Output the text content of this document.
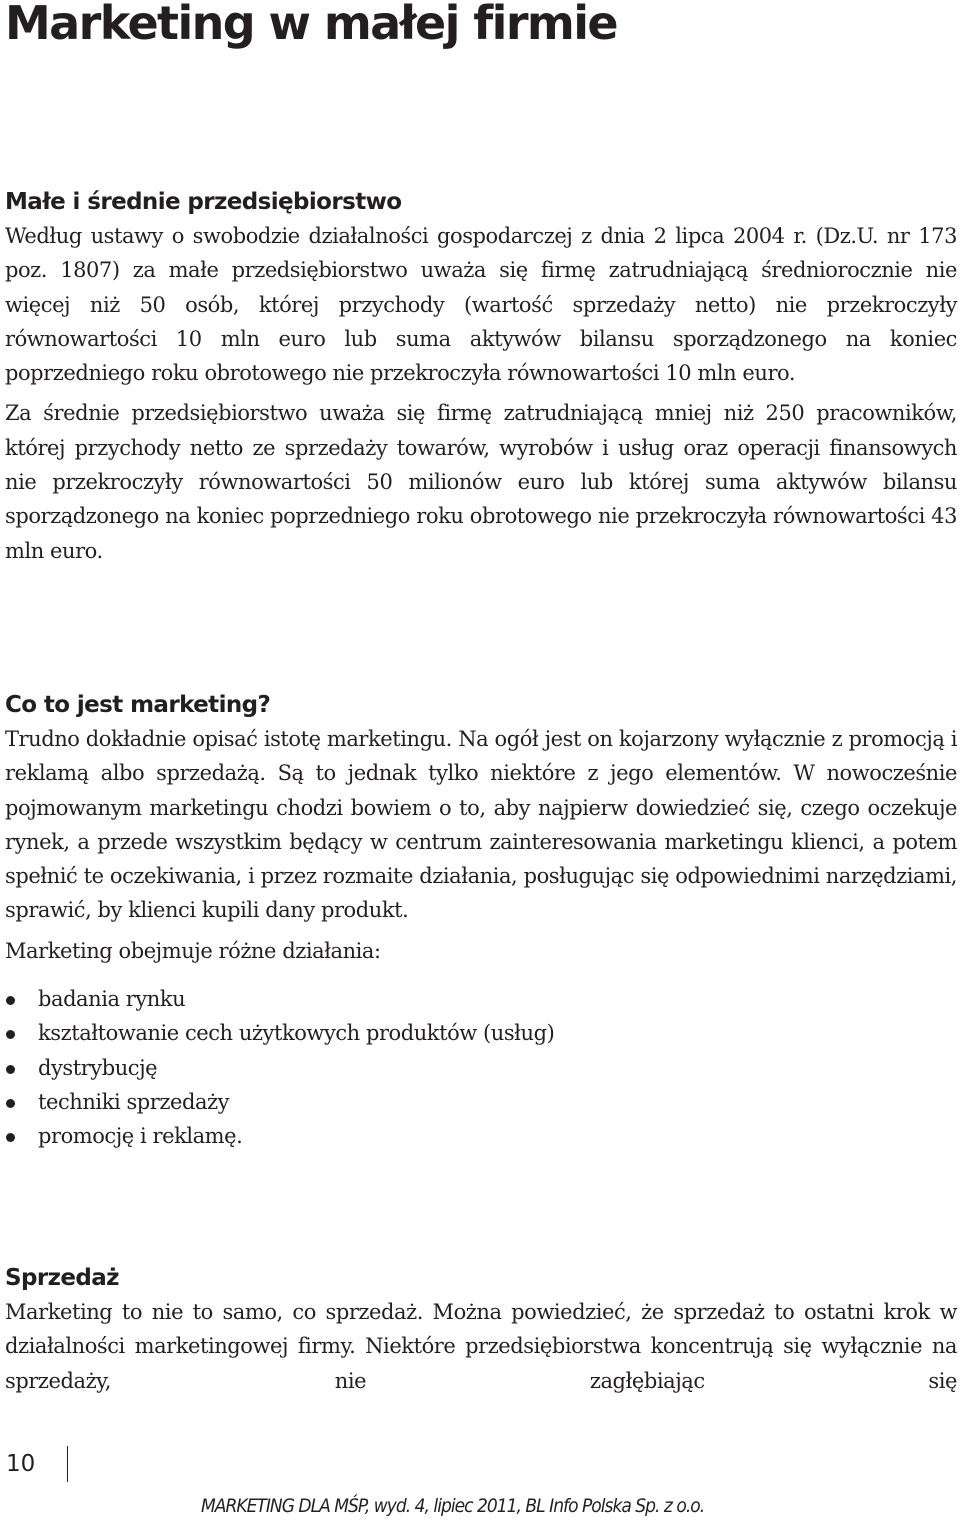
Marketing w małej firmie
Małe i średnie przedsiębiorstwo

Według ustawy o swobodzie działalności gospodarczej z dnia 2 lipca 2004 r. (Dz.U. nr 173 poz. 1807) za małe przedsiębiorstwo uważa się firmę zatrudniającą średniorocznie nie więcej niż 50 osób, której przychody (wartość sprzedaży netto) nie przekroczyły równowartości 10 mln euro lub suma aktywów bilansu sporządzonego na koniec poprzedniego roku obrotowego nie przekroczyła równowartości 10 mln euro.

Za średnie przedsiębiorstwo uważa się firmę zatrudniającą mniej niż 250 pracowników, której przychody netto ze sprzedaży towarów, wyrobów i usług oraz operacji finansowych nie przekroczyły równowartości 50 milionów euro lub której suma aktywów bilansu sporządzonego na koniec poprzedniego roku obrotowego nie przekroczyła równowartości 43 mln euro.

Co to jest marketing?

Trudno dokładnie opisać istotę marketingu. Na ogół jest on kojarzony wyłącznie z promocją i reklamą albo sprzedażą. Są to jednak tylko niektóre z jego elementów. W nowocześnie pojmowanym marketingu chodzi bowiem o to, aby najpierw dowiedzieć się, czego oczekuje rynek, a przede wszystkim będący w centrum zainteresowania marketingu klienci, a potem spełnić te oczekiwania, i przez rozmaite działania, posługując się odpowiednimi narzędziami, sprawić, by klienci kupili dany produkt.

Marketing obejmuje różne działania:

badania rynku
kształtowanie cech użytkowych produktów (usług)
dystrybucję
techniki sprzedaży
promocję i reklamę.
Sprzedaż

Marketing to nie to samo, co sprzedaż. Można powiedzieć, że sprzedaż to ostatni krok w działalności marketingowej firmy. Niektóre przedsiębiorstwa koncentrują się wyłącznie na sprzedaży, nie zagłębiając się

10
MARKETING DLA MŚP, wyd. 4, lipiec 2011, BL Info Polska Sp. z o.o.
